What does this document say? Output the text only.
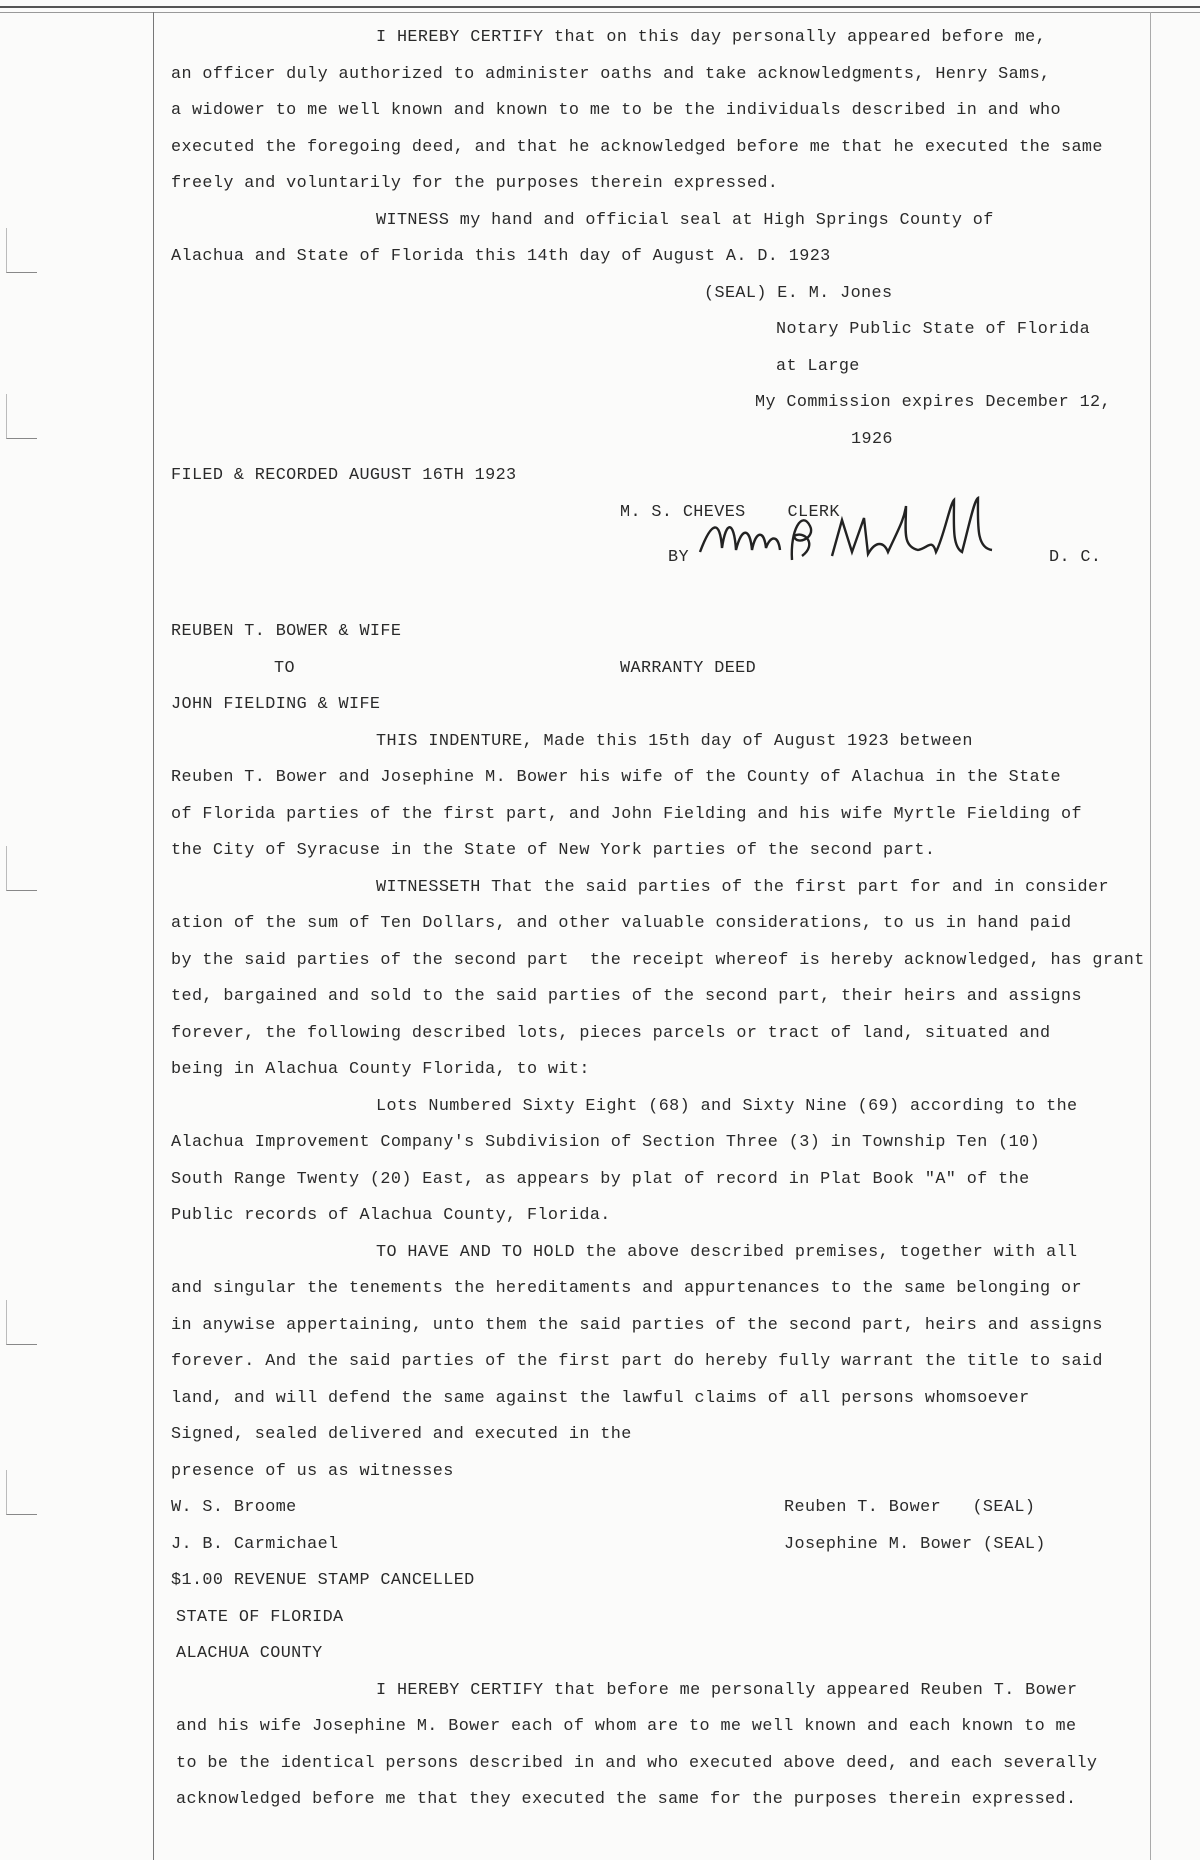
I HEREBY CERTIFY that on this day personally appeared before me,
an officer duly authorized to administer oaths and take acknowledgments, Henry Sams,
a widower to me well known and known to me to be the individuals described in and who
executed the foregoing deed, and that he acknowledged before me that he executed the same
freely and voluntarily for the purposes therein expressed.
WITNESS my hand and official seal at High Springs County of
Alachua and State of Florida this 14th day of August A. D. 1923
(SEAL) E. M. Jones
Notary Public State of Florida
at Large
My Commission expires December 12,
1926
FILED & RECORDED AUGUST 16TH 1923
M. S. CHEVES    CLERK
BY	D. C.
REUBEN T. BOWER & WIFE
TO	WARRANTY DEED
JOHN FIELDING & WIFE
THIS INDENTURE, Made this 15th day of August 1923 between
Reuben T. Bower and Josephine M. Bower his wife of the County of Alachua in the State
of Florida parties of the first part, and John Fielding and his wife Myrtle Fielding of
the City of Syracuse in the State of New York parties of the second part.
WITNESSETH That the said parties of the first part for and in consider
ation of the sum of Ten Dollars, and other valuable considerations, to us in hand paid
by the said parties of the second part  the receipt whereof is hereby acknowledged, has grant
ted, bargained and sold to the said parties of the second part, their heirs and assigns
forever, the following described lots, pieces parcels or tract of land, situated and
being in Alachua County Florida, to wit:
Lots Numbered Sixty Eight (68) and Sixty Nine (69) according to the
Alachua Improvement Company's Subdivision of Section Three (3) in Township Ten (10)
South Range Twenty (20) East, as appears by plat of record in Plat Book "A" of the
Public records of Alachua County, Florida.
TO HAVE AND TO HOLD the above described premises, together with all
and singular the tenements the hereditaments and appurtenances to the same belonging or
in anywise appertaining, unto them the said parties of the second part, heirs and assigns
forever. And the said parties of the first part do hereby fully warrant the title to said
land, and will defend the same against the lawful claims of all persons whomsoever
Signed, sealed delivered and executed in the
presence of us as witnesses
W. S. Broome	Reuben T. Bower   (SEAL)
J. B. Carmichael	Josephine M. Bower (SEAL)
$1.00 REVENUE STAMP CANCELLED
STATE OF FLORIDA
ALACHUA COUNTY
I HEREBY CERTIFY that before me personally appeared Reuben T. Bower
and his wife Josephine M. Bower each of whom are to me well known and each known to me
to be the identical persons described in and who executed above deed, and each severally
acknowledged before me that they executed the same for the purposes therein expressed.
